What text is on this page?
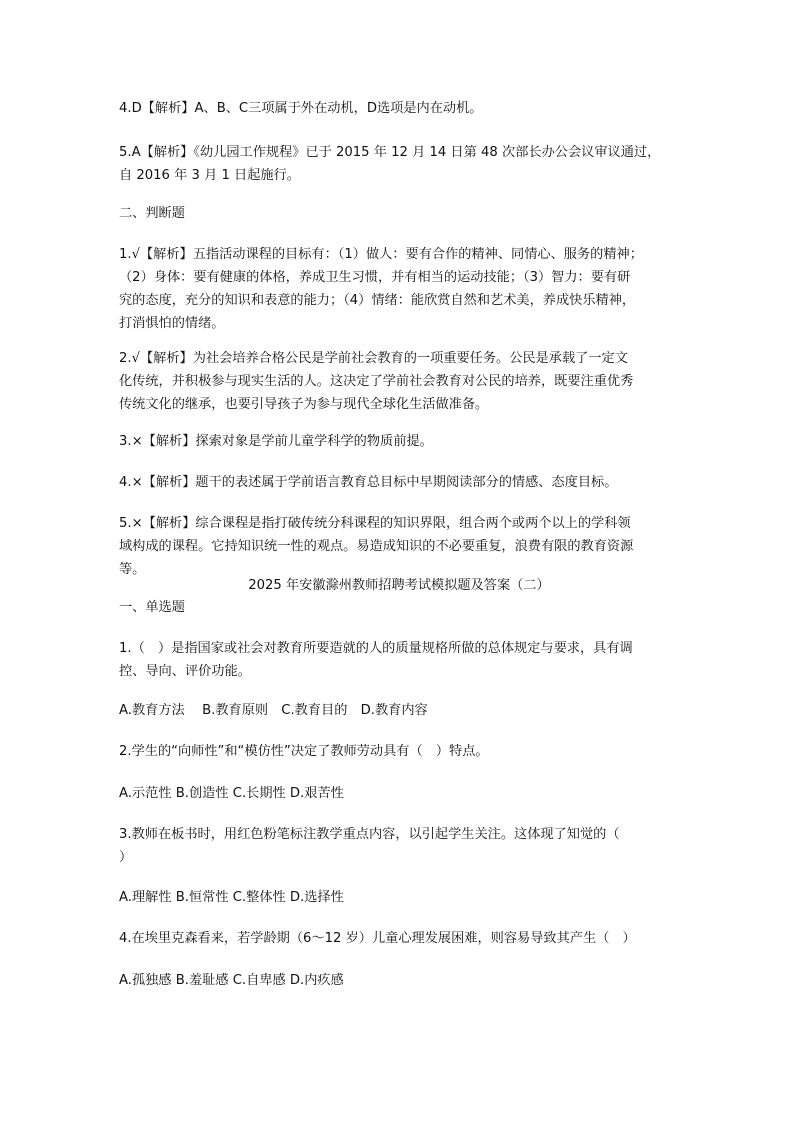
4.D【解析】A、B、C三项属于外在动机，D选项是内在动机。

5.A【解析】《幼儿园工作规程》已于 2015 年 12 月 14 日第 48 次部长办公会议审议通过，
自 2016 年 3 月 1 日起施行。

二、判断题

1.√【解析】五指活动课程的目标有：（1）做人：要有合作的精神、同情心、服务的精神；
（2）身体：要有健康的体格，养成卫生习惯，并有相当的运动技能；（3）智力：要有研
究的态度，充分的知识和表意的能力；（4）情绪：能欣赏自然和艺术美，养成快乐精神，
打消惧怕的情绪。

2.√【解析】为社会培养合格公民是学前社会教育的一项重要任务。公民是承载了一定文
化传统，并积极参与现实生活的人。这决定了学前社会教育对公民的培养，既要注重优秀
传统文化的继承，也要引导孩子为参与现代全球化生活做准备。

3.×【解析】探索对象是学前儿童学科学的物质前提。

4.×【解析】题干的表述属于学前语言教育总目标中早期阅读部分的情感、态度目标。

5.×【解析】综合课程是指打破传统分科课程的知识界限，组合两个或两个以上的学科领
域构成的课程。它持知识统一性的观点。易造成知识的不必要重复，浪费有限的教育资源
等。

2025 年安徽滁州教师招聘考试模拟题及答案（二）

一、单选题

1.（　）是指国家或社会对教育所要造就的人的质量规格所做的总体规定与要求，具有调
控、导向、评价功能。

A.教育方法　 B.教育原则　C.教育目的　D.教育内容

2.学生的“向师性”和“模仿性”决定了教师劳动具有（　）特点。

A.示范性 B.创造性 C.长期性 D.艰苦性

3.教师在板书时，用红色粉笔标注教学重点内容，以引起学生关注。这体现了知觉的（
）

A.理解性 B.恒常性 C.整体性 D.选择性

4.在埃里克森看来，若学龄期（6～12 岁）儿童心理发展困难，则容易导致其产生（　）

A.孤独感 B.羞耻感 C.自卑感 D.内疚感
